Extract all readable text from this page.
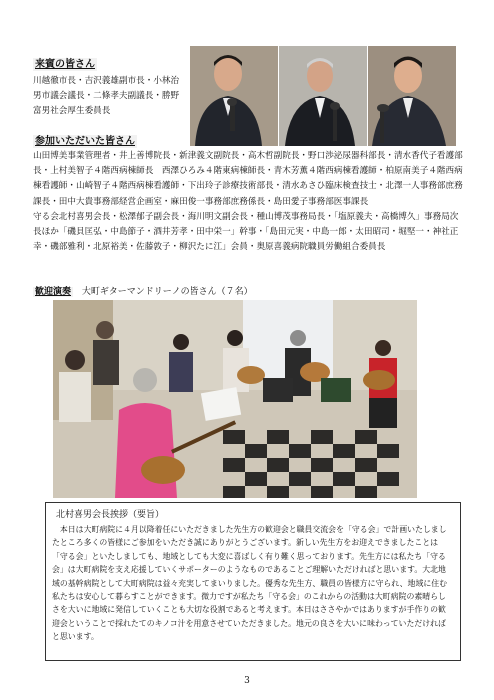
来賓の皆さん
川越徹市長・吉沢義雄副市長・小林治男市議会議長・二條孝夫副議長・勝野富男社会厚生委員長
参加いただいた皆さん
山田博美事業管理者・井上善博院長・新津義文副院長・高木哲副院長・野口渉泌尿器科部長・清水香代子看護部長・上村美智子４階西病棟師長　西澤ひろみ４階東病棟師長・青木芳薫４階西病棟看護師・柏原南美子４階西病棟看護師・山崎智子４階西病棟看護師・下出玲子診療技術部長・清水あさひ臨床検査技士・北澤一人事務部庶務課長・田中大貴事務部経営企画室・麻田俊一事務部庶務係長・島田愛子事務部医事課長
守る会北村喜男会長・松澤郁子副会長・海川明文副会長・種山博茂事務局長・「塩原義夫・高橋博久」事務局次長ほか「磯貝匡弘・中島節子・酒井芳孝・田中栄一」幹事・「島田元実・中島一郎・太田昭司・堀堅一・神社正幸・磯部雅利・北原裕美・佐藤敦子・柳沢たに江」会員・奥原喜義病院職員労働組合委員長
歓迎演奏 大町ギターマンドリーノの皆さん（７名）
北村喜男会長挨拶（要旨）
本日は大町病院に４月以降着任にいただきました先生方の歓迎会と職員交流会を「守る会」で計画いたしましたところ多くの皆様にご参加をいただき誠にありがとうございます。新しい先生方をお迎えできましたことは「守る会」といたしましても、地域としても大変に喜ばしく有り難く思っております。先生方には私たち「守る会」は大町病院を支え応援していくサポーターのようなものであることご理解いただければと思います。大北地域の基幹病院として大町病院は益々充実してまいりました。優秀な先生方、職員の皆様方に守られ、地域に住む私たちは安心して暮らすことができます。微力ですが私たち「守る会」のこれからの活動は大町病院の素晴らしさを大いに地域に発信していくことも大切な役割であると考えます。本日はささやかではありますが手作りの歓迎会ということで採れたてのキノコ汁を用意させていただきました。地元の良さを大いに味わっていただければと思います。
3
